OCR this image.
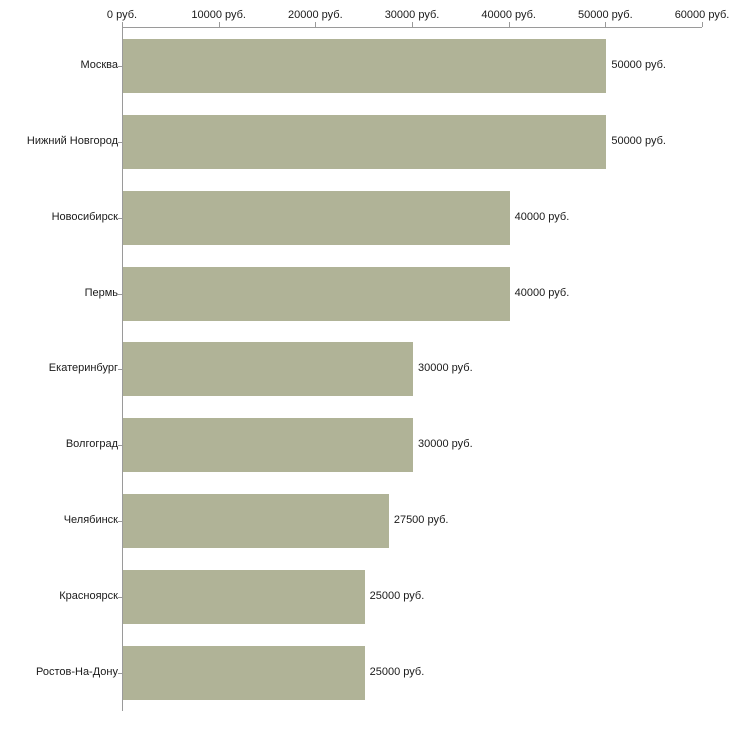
0 руб.	10000 руб.	20000 руб.	30000 руб.	40000 руб.	50000 руб.	60000 руб.
Москва	50000 руб.
Нижний Новгород	50000 руб.
Новосибирск	40000 руб.
Пермь	40000 руб.
Екатеринбург	30000 руб.
Волгоград	30000 руб.
Челябинск	27500 руб.
Красноярск	25000 руб.
Ростов-На-Дону	25000 руб.
